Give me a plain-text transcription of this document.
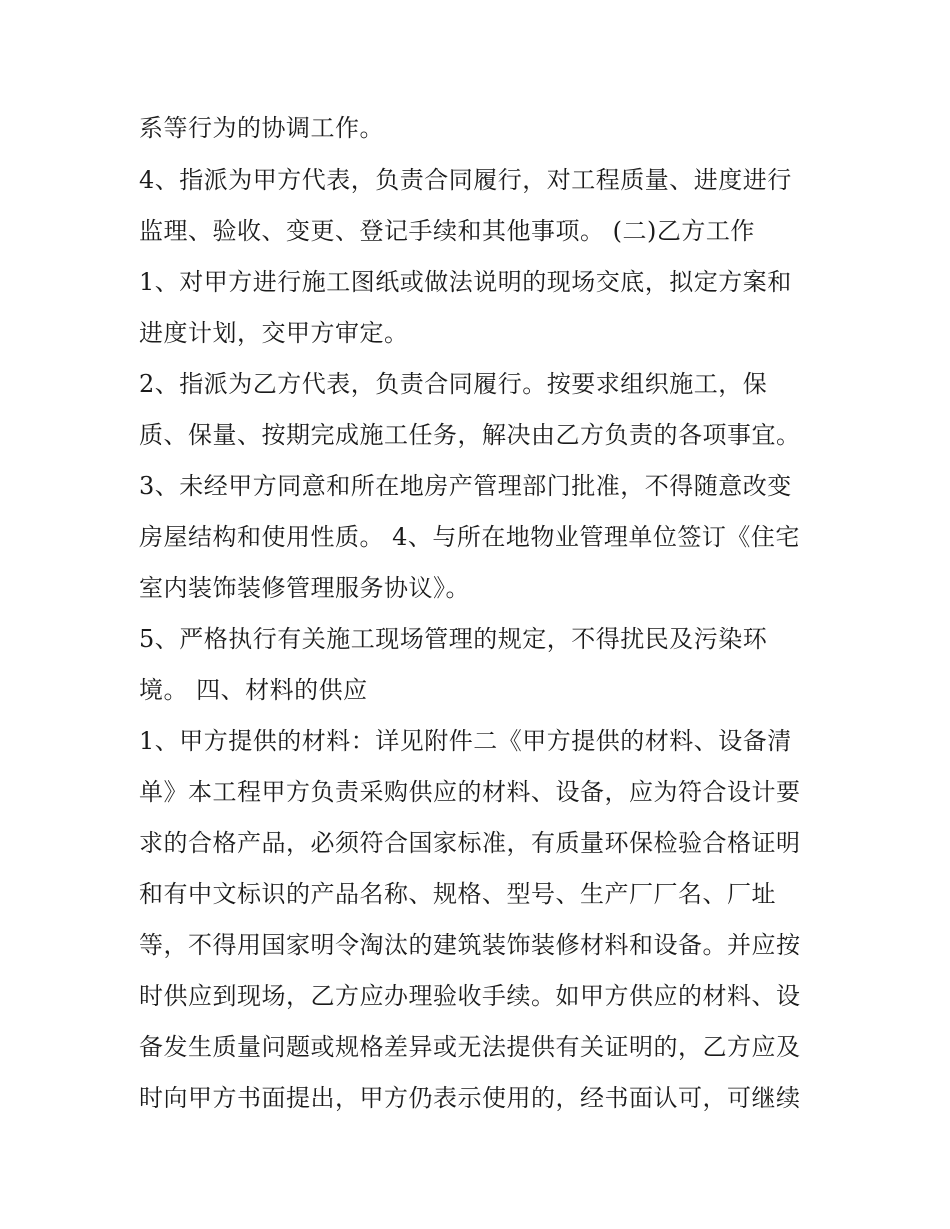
系等行为的协调工作。
4、指派为甲方代表，负责合同履行，对工程质量、进度进行
监理、验收、变更、登记手续和其他事项。 (二)乙方工作
1、对甲方进行施工图纸或做法说明的现场交底，拟定方案和
进度计划，交甲方审定。
2、指派为乙方代表，负责合同履行。按要求组织施工，保
质、保量、按期完成施工任务，解决由乙方负责的各项事宜。
3、未经甲方同意和所在地房产管理部门批准，不得随意改变
房屋结构和使用性质。 4、与所在地物业管理单位签订《住宅
室内装饰装修管理服务协议》。
5、严格执行有关施工现场管理的规定，不得扰民及污染环
境。 四、材料的供应
1、甲方提供的材料：详见附件二《甲方提供的材料、设备清
单》本工程甲方负责采购供应的材料、设备，应为符合设计要
求的合格产品，必须符合国家标准，有质量环保检验合格证明
和有中文标识的产品名称、规格、型号、生产厂厂名、厂址
等，不得用国家明令淘汰的建筑装饰装修材料和设备。并应按
时供应到现场，乙方应办理验收手续。如甲方供应的材料、设
备发生质量问题或规格差异或无法提供有关证明的，乙方应及
时向甲方书面提出，甲方仍表示使用的，经书面认可，可继续
